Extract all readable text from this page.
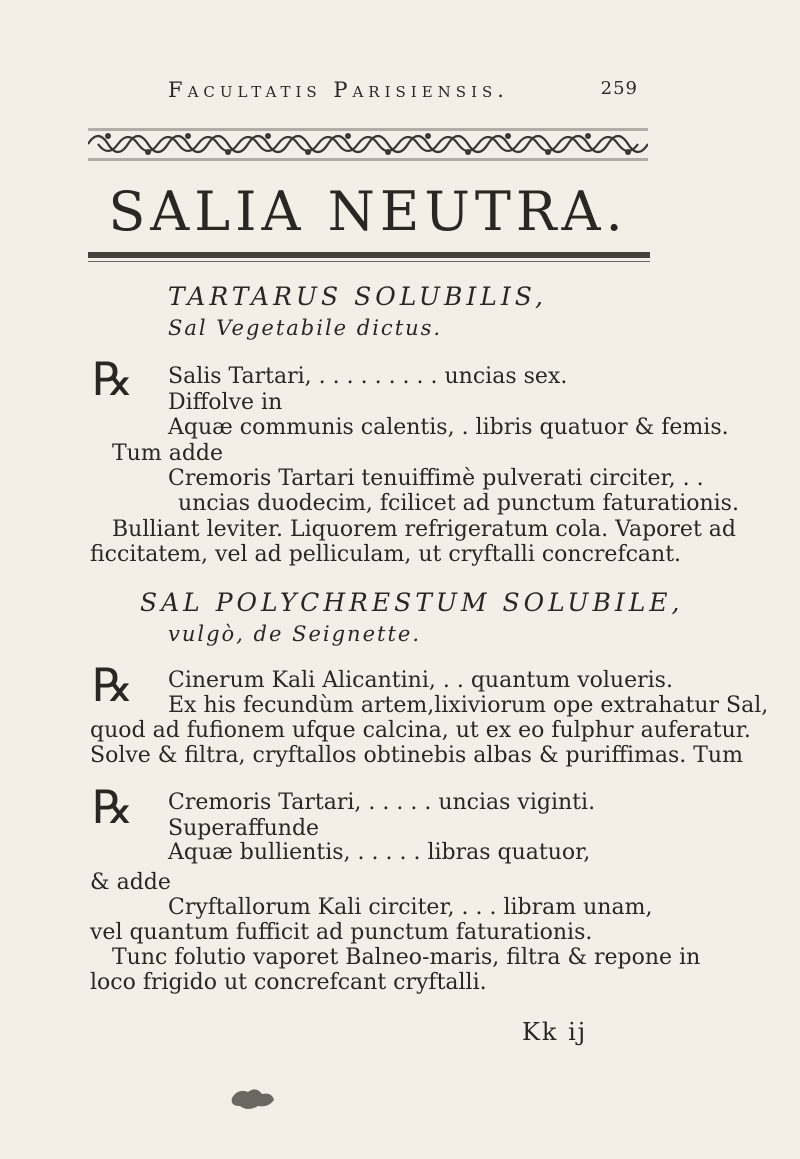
Facultatis Parisiensis.	259
SALIA NEUTRA.
TARTARUS SOLUBILIS,
Sal Vegetabile dictus.
℞ Salis Tartari, . . . . . . . . . uncias sex.
Diffolve in
Aquæ communis calentis, . libris quatuor & femis.
Tum adde
Cremoris Tartari tenuiffimè pulverati circiter, . .
uncias duodecim, fcilicet ad punctum faturationis.
Bulliant leviter. Liquorem refrigeratum cola. Vaporet ad
ficcitatem, vel ad pelliculam, ut cryftalli concrefcant.
SAL POLYCHRESTUM SOLUBILE,
vulgò, de Seignette.
℞ Cinerum Kali Alicantini, . . quantum volueris.
Ex his fecundùm artem,lixiviorum ope extrahatur Sal,
quod ad fufionem ufque calcina, ut ex eo fulphur auferatur.
Solve & filtra, cryftallos obtinebis albas & puriffimas. Tum
℞ Cremoris Tartari, . . . . . uncias viginti.
Superaffunde
Aquæ bullientis, . . . . . libras quatuor,
& adde
Cryftallorum Kali circiter, . . . libram unam,
vel quantum fufficit ad punctum faturationis.
Tunc folutio vaporet Balneo-maris, filtra & repone in
loco frigido ut concrefcant cryftalli.
Kk ij
